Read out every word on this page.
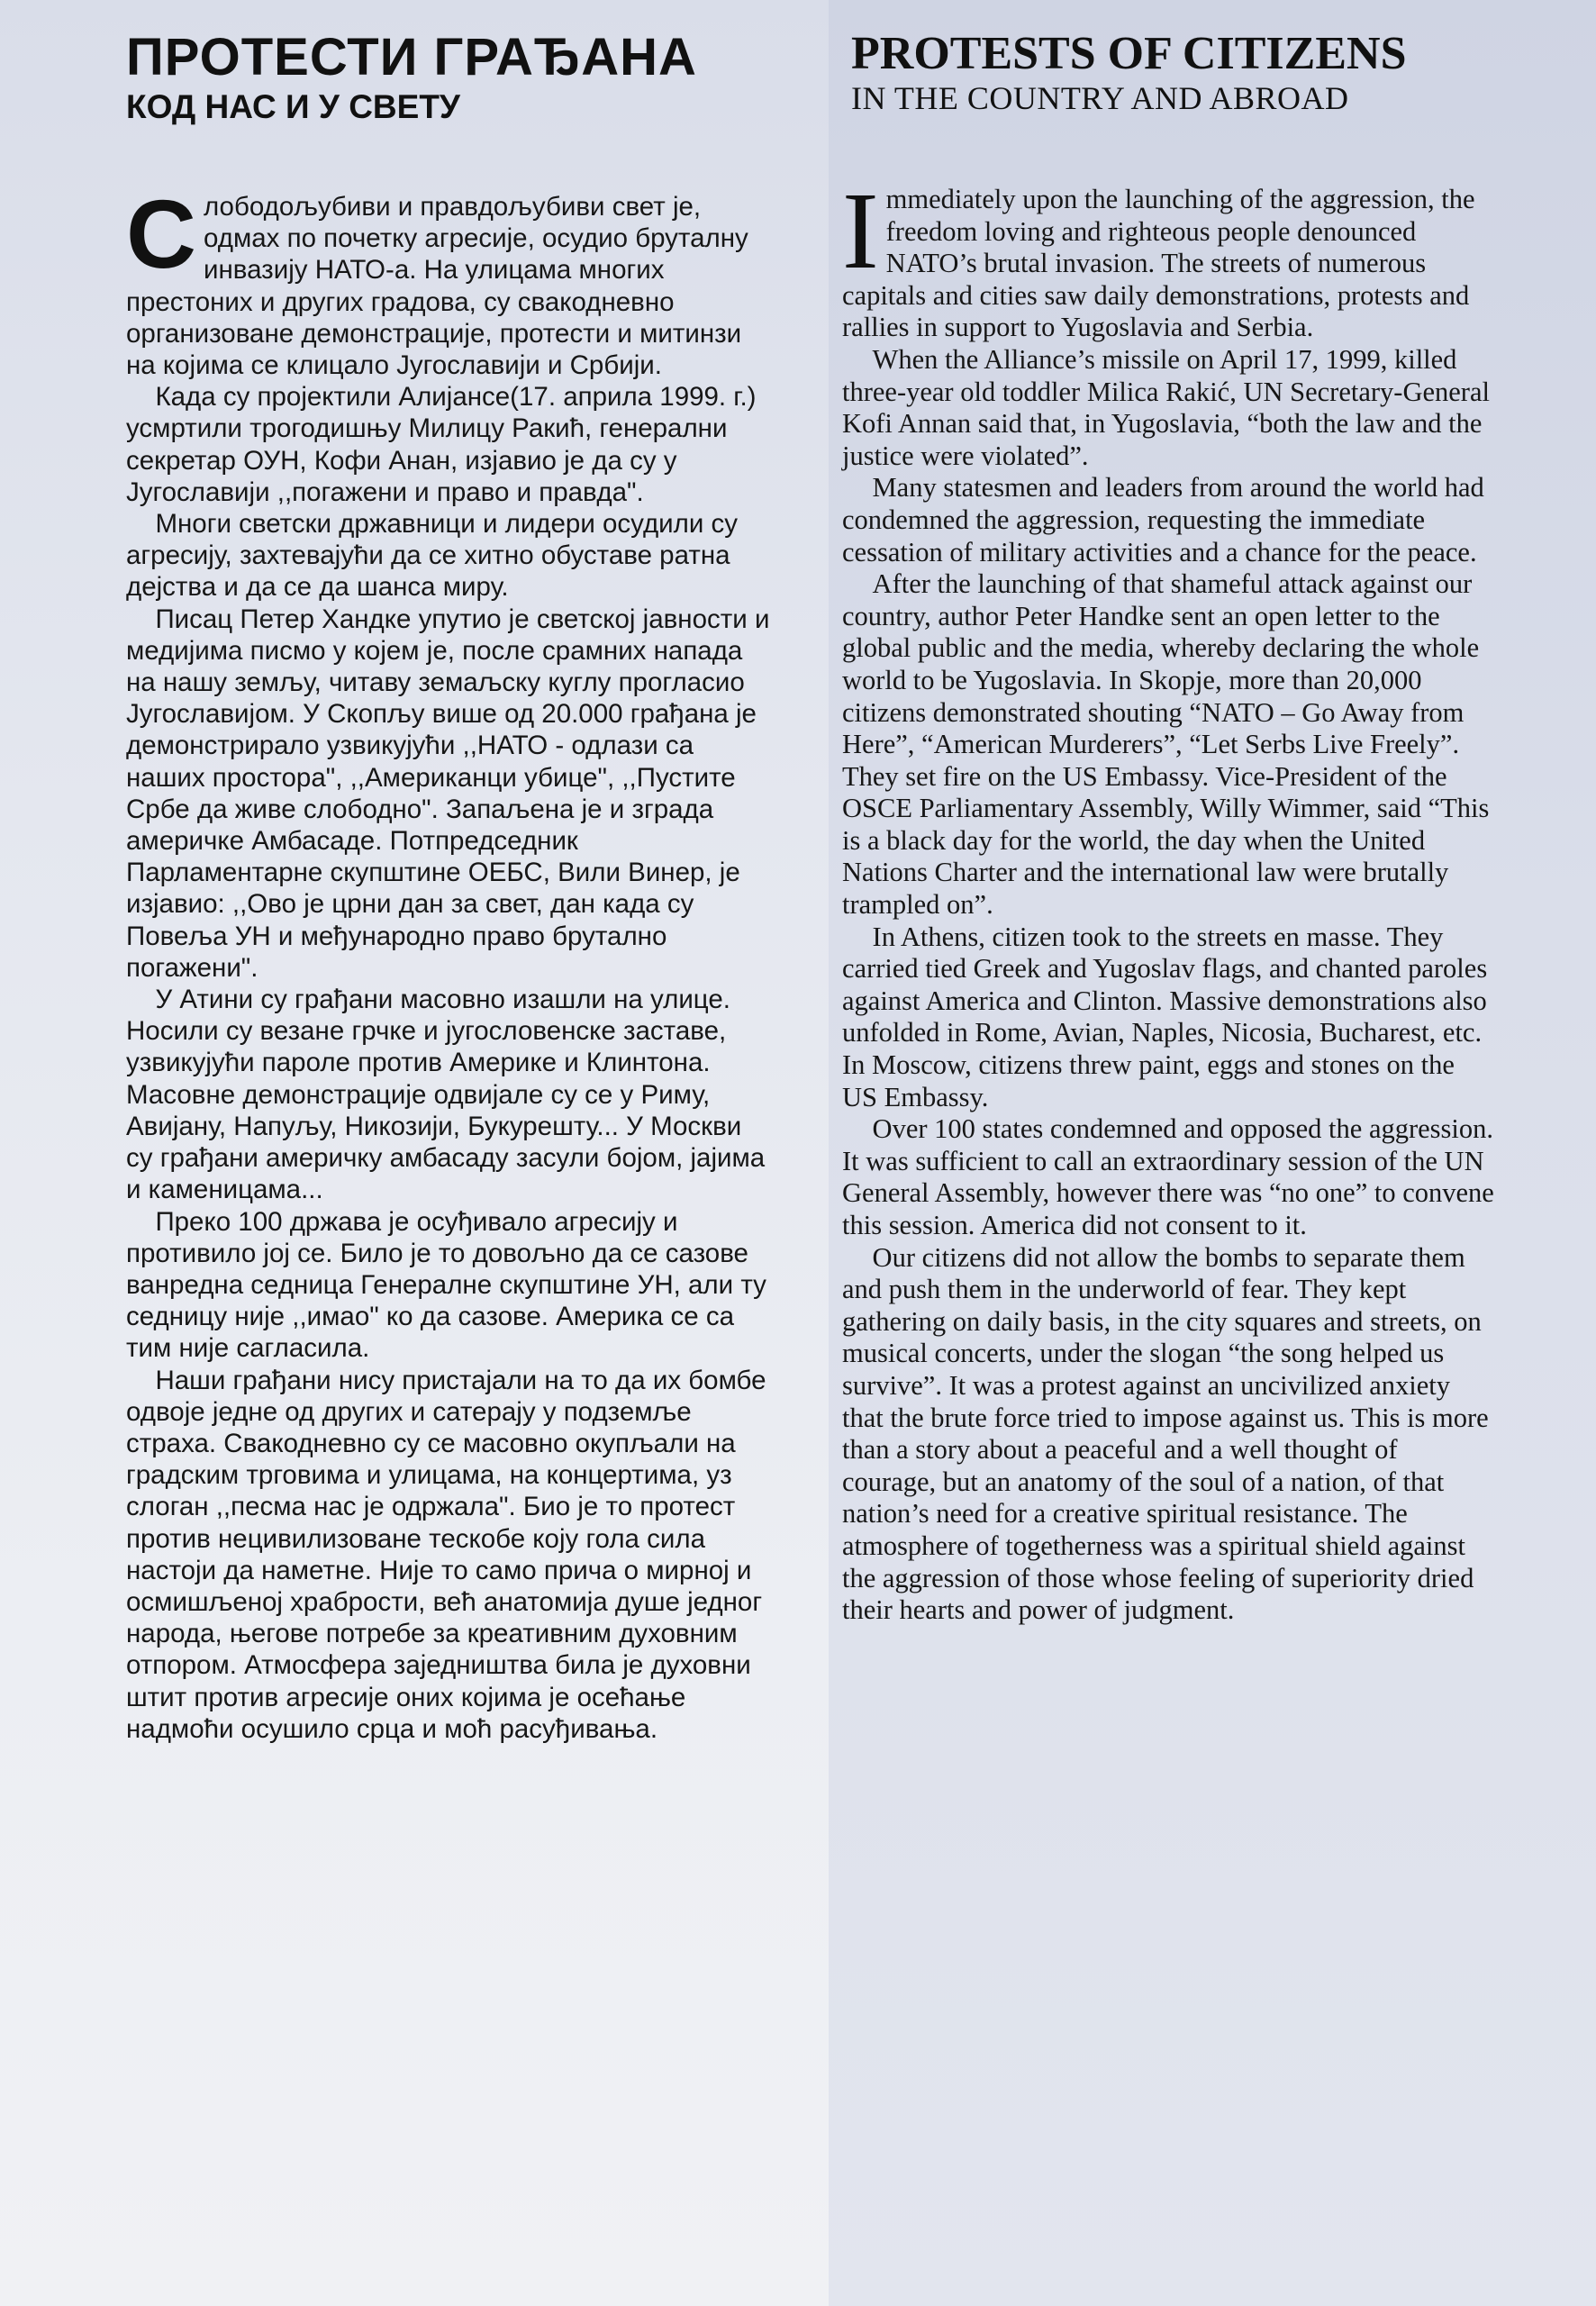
ПРОТЕСТИ ГРАЂАНА
КОД НАС И У СВЕТУ
PROTESTS OF CITIZENS
IN THE COUNTRY AND ABROAD
С лободољубиви и правдољубиви свет је, одмах по почетку агресије, осудио бруталну инвазију НАТО-а. На улицама многих престоних и других градова, су свакодневно организоване демонстрације, протести и митинзи на којима се клицало Југославији и Србији.

Када су пројектили Алијансе(17. априла 1999. г.) усмртили трогодишњу Милицу Ракић, генерални секретар ОУН, Кофи Анан, изјавио је да су у Југославији ,,погажени и право и правда".

Многи светски државници и лидери осудили су агресију, захтевајући да се хитно обуставе ратна дејства и да се да шанса миру.

Писац Петер Хандке упутио је светској јавности и медијима писмо у којем је, после срамних напада на нашу земљу, читаву земаљску куглу прогласио Југославијом. У Скопљу више од 20.000 грађана је демонстрирало узвикујући ,,НАТО - одлази са наших простора", ,,Американци убице", ,,Пустите Србе да живе слободно". Запаљена је и зграда америчке Амбасаде. Потпредседник Парламентарне скупштине ОЕБС, Вили Винер, је изјавио: ,,Ово је црни дан за свет, дан када су Повеља УН и међународно право брутално погажени".

У Атини су грађани масовно изашли на улице. Носили су везане грчке и југословенске заставе, узвикујући пароле против Америке и Клинтона. Масовне демонстрације одвијале су се у Риму, Авијану, Напуљу, Никозији, Букурешту... У Москви су грађани америчку амбасаду засули бојом, јајима и каменицама...

Преко 100 држава је осуђивало агресију и противило јој се. Било је то довољно да се сазове ванредна седница Генералне скупштине УН, али ту седницу није ,,имао" ко да сазове. Америка се са тим није сагласила.

Наши грађани нису пристајали на то да их бомбе одвоје једне од других и сатерају у подземље страха. Свакодневно су се масовно окупљали на градским трговима и улицама, на концертима, уз слоган ,,песма нас је одржала". Био је то протест против нецивилизоване тескобе коју гола сила настоји да наметне. Није то само прича о мирној и осмишљеној храбрости, већ анатомија душе једног народа, његове потребе за креативним духовним отпором. Атмосфера заједништва била је духовни штит против агресије оних којима је осећање надмоћи осушило срца и моћ расуђивања.

I mmediately upon the launching of the aggression, the freedom loving and righteous people denounced NATO’s brutal invasion. The streets of numerous capitals and cities saw daily demonstrations, protests and rallies in support to Yugoslavia and Serbia.

When the Alliance’s missile on April 17, 1999, killed three-year old toddler Milica Rakić, UN Secretary-General Kofi Annan said that, in Yugoslavia, “both the law and the justice were violated”.

Many statesmen and leaders from around the world had condemned the aggression, requesting the immediate cessation of military activities and a chance for the peace.

After the launching of that shameful attack against our country, author Peter Handke sent an open letter to the global public and the media, whereby declaring the whole world to be Yugoslavia. In Skopje, more than 20,000 citizens demonstrated shouting “NATO – Go Away from Here”, “American Murderers”, “Let Serbs Live Freely”. They set fire on the US Embassy. Vice-President of the OSCE Parliamentary Assembly, Willy Wimmer, said “This is a black day for the world, the day when the United Nations Charter and the international law were brutally trampled on”.

In Athens, citizen took to the streets en masse. They carried tied Greek and Yugoslav flags, and chanted paroles against America and Clinton. Massive demonstrations also unfolded in Rome, Avian, Naples, Nicosia, Bucharest, etc. In Moscow, citizens threw paint, eggs and stones on the US Embassy.

Over 100 states condemned and opposed the aggression. It was sufficient to call an extraordinary session of the UN General Assembly, however there was “no one” to convene this session. America did not consent to it.

Our citizens did not allow the bombs to separate them and push them in the underworld of fear. They kept gathering on daily basis, in the city squares and streets, on musical concerts, under the slogan “the song helped us survive”. It was a protest against an uncivilized anxiety that the brute force tried to impose against us. This is more than a story about a peaceful and a well thought of courage, but an anatomy of the soul of a nation, of that nation’s need for a creative spiritual resistance. The atmosphere of togetherness was a spiritual shield against the aggression of those whose feeling of superiority dried their hearts and power of judgment.
